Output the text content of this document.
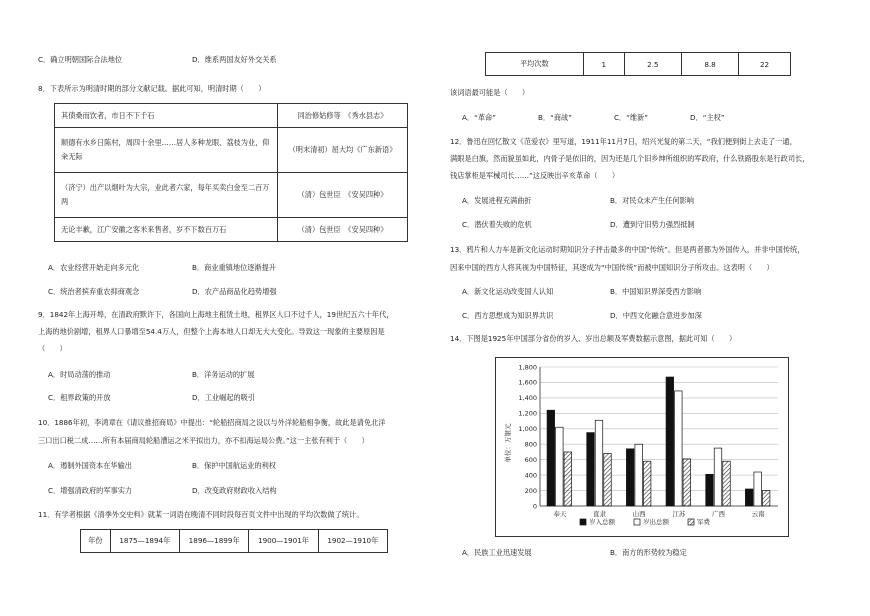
C．确立明朝国际合法地位	D．维系两国友好外交关系
8．下表所示为明清时期的部分文献记载。据此可知，明清时期（　　）
其债桑而饮者，市日不下千石	同治修姑修等　《秀水县志》
顺德有水乡日陈村，周四十余里……居人多种龙眼、荔枝为业，仰籴无际	（明末清初）屈大均《广东新语》
（济宁）出产以烟叶为大宗，业此者六家，每年买卖白金至二百万两	（清）包世臣　《安吴四种》
无论丰歉，江广安徽之客米来售者，岁不下数百万石	（清）包世臣　《安吴四种》
A．农业经营开始走向多元化	B．商业重镇地位逐渐提升
C．统治者摈弃重农抑商观念	D．农产品商品化趋势增强
9．1842年上海开埠，在清政府默许下，各国向上海地主租赁土地，租界区人口不过千人，19世纪五六十年代，
上海的地价剧增，租界人口暴增至54.4万人，但整个上海本地人口却无大大变化。导致这一现象的主要原因是
（　　）
A．时局动荡的推动	B．洋务运动的扩展
C．租界政策的开放	D．工业崛起的吸引
10．1886年初，李鸿章在《请议推招商局》中提出：“轮船招商局之设以与外洋轮船相争衡，故此是请免北洋
三口出口税二成……所有本届商局轮船漕运之米平拟出力，亦不扣海运局公费。”这一主张有利于（　　）
A．遏制外国资本在华输出	B．保护中国航运业的利权
C．增强清政府的军事实力	D．改变政府财政收入结构
11．有学者根据《清季外交史料》就某一词语在晚清不同时段每百页文件中出现的平均次数做了统计。
年份	1875—1894年	1896—1899年	1900—1901年	1902—1910年
平均次数	1	2.5	8.8	22
该词语最可能是（　　）
A．“革命”	B．“商战”	C．“维新”	D．“主权”
12．鲁迅在回忆散文《范爱农》里写道，1911年11月7日，绍兴光复的第二天，“我们便到街上去走了一通，
满眼是白旗，然而貌虽如此，内骨子是依旧的，因为还是几个旧乡绅所组织的军政府，什么铁路股东是行政司长，
钱店掌柜是军械司长……”这反映出辛亥革命（　　）
A．发展进程充满曲折	B．对民众未产生任何影响
C．潜伏着失败的危机	D．遭到守旧势力强烈抵制
13．鸦片和人力车是新文化运动时期知识分子抨击最多的中国“传统”。但是两者都为外国传入，并非中国传统，
因来中国的西方人将其视为中国特征，其逐成为“中国传统”而被中国知识分子所攻击。这表明（　　）
A．新文化运动改变国人认知	B．中国知识界深受西方影响
C．西方思想成为知识界共识	D．中西文化融合意进步加深
14．下图是1925年中国部分省份的岁入、岁出总额及军费数据示意图，据此可知（　　）
0
200
400
600
800
1,000
1,200
1,400
1,600
1,800
奉天	直隶	山西	江苏	广西	云南
岁入总额	岁出总额	军费
单位：万银元
A．民族工业迅速发展	B．南方的形势较为稳定
